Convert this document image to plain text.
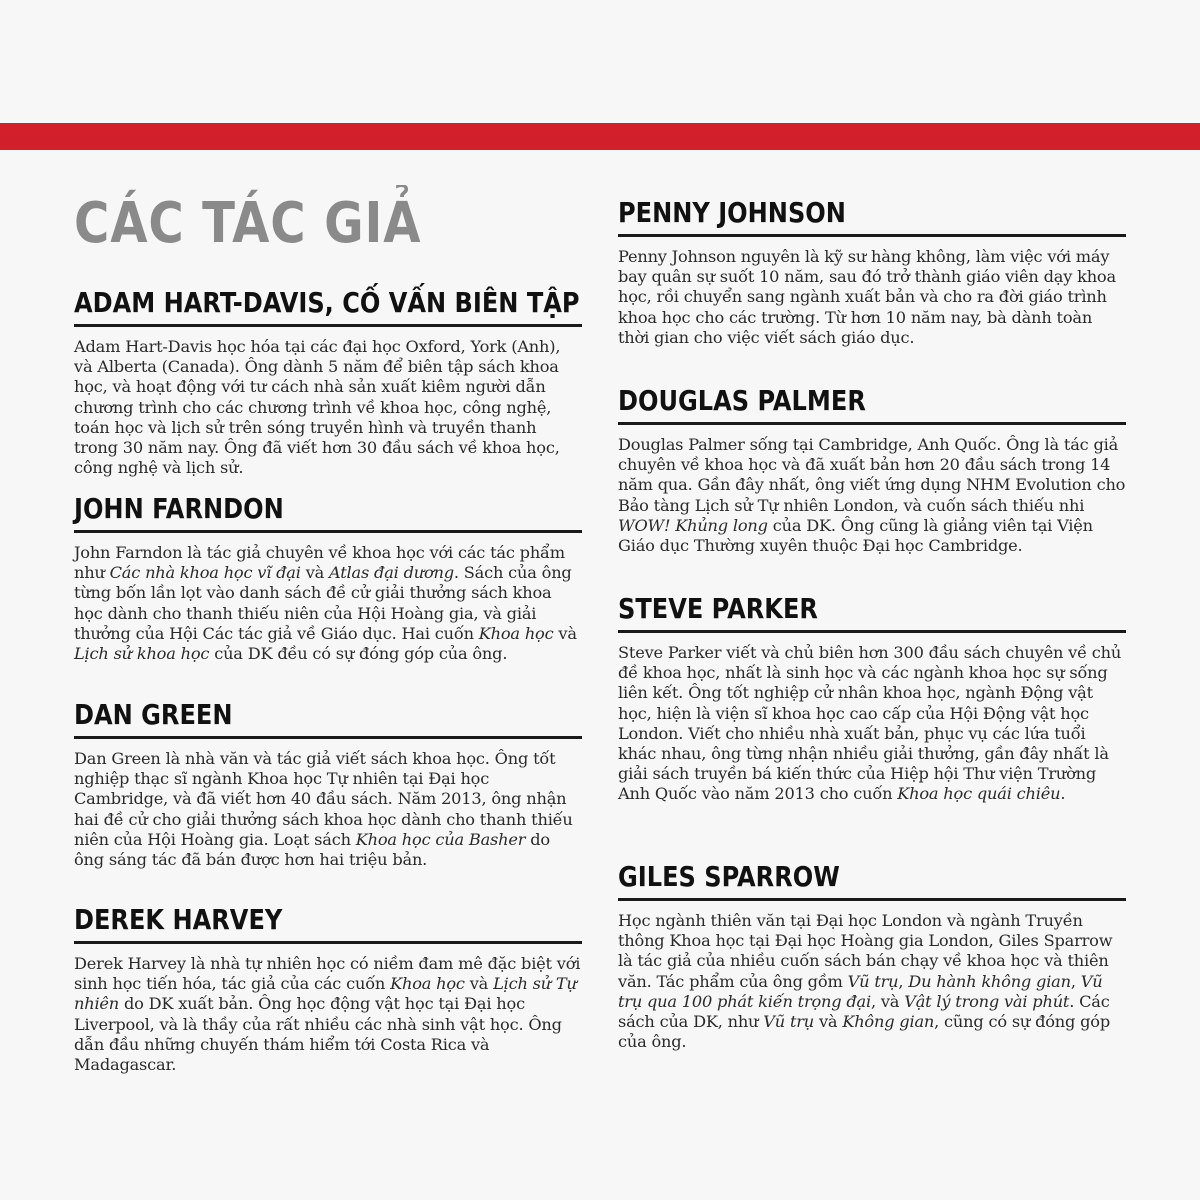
CÁC TÁC GIẢ
ADAM HART-DAVIS, CỐ VẤN BIÊN TẬP

Adam Hart-Davis học hóa tại các đại học Oxford, York (Anh), và Alberta (Canada). Ông dành 5 năm để biên tập sách khoa học, và hoạt động với tư cách nhà sản xuất kiêm người dẫn chương trình cho các chương trình về khoa học, công nghệ, toán học và lịch sử trên sóng truyền hình và truyền thanh trong 30 năm nay. Ông đã viết hơn 30 đầu sách về khoa học, công nghệ và lịch sử.

JOHN FARNDON

John Farndon là tác giả chuyên về khoa học với các tác phẩm như Các nhà khoa học vĩ đại và Atlas đại dương. Sách của ông từng bốn lần lọt vào danh sách đề cử giải thưởng sách khoa học dành cho thanh thiếu niên của Hội Hoàng gia, và giải thưởng của Hội Các tác giả về Giáo dục. Hai cuốn Khoa học và Lịch sử khoa học của DK đều có sự đóng góp của ông.

DAN GREEN

Dan Green là nhà văn và tác giả viết sách khoa học. Ông tốt nghiệp thạc sĩ ngành Khoa học Tự nhiên tại Đại học Cambridge, và đã viết hơn 40 đầu sách. Năm 2013, ông nhận hai đề cử cho giải thưởng sách khoa học dành cho thanh thiếu niên của Hội Hoàng gia. Loạt sách Khoa học của Basher do ông sáng tác đã bán được hơn hai triệu bản.

DEREK HARVEY

Derek Harvey là nhà tự nhiên học có niềm đam mê đặc biệt với sinh học tiến hóa, tác giả của các cuốn Khoa học và Lịch sử Tự nhiên do DK xuất bản. Ông học động vật học tại Đại học Liverpool, và là thầy của rất nhiều các nhà sinh vật học. Ông dẫn đầu những chuyến thám hiểm tới Costa Rica và Madagascar.

PENNY JOHNSON

Penny Johnson nguyên là kỹ sư hàng không, làm việc với máy bay quân sự suốt 10 năm, sau đó trở thành giáo viên dạy khoa học, rồi chuyển sang ngành xuất bản và cho ra đời giáo trình khoa học cho các trường. Từ hơn 10 năm nay, bà dành toàn thời gian cho việc viết sách giáo dục.

DOUGLAS PALMER

Douglas Palmer sống tại Cambridge, Anh Quốc. Ông là tác giả chuyên về khoa học và đã xuất bản hơn 20 đầu sách trong 14 năm qua. Gần đây nhất, ông viết ứng dụng NHM Evolution cho Bảo tàng Lịch sử Tự nhiên London, và cuốn sách thiếu nhi WOW! Khủng long của DK. Ông cũng là giảng viên tại Viện Giáo dục Thường xuyên thuộc Đại học Cambridge.

STEVE PARKER

Steve Parker viết và chủ biên hơn 300 đầu sách chuyên về chủ đề khoa học, nhất là sinh học và các ngành khoa học sự sống liên kết. Ông tốt nghiệp cử nhân khoa học, ngành Động vật học, hiện là viện sĩ khoa học cao cấp của Hội Động vật học London. Viết cho nhiều nhà xuất bản, phục vụ các lứa tuổi khác nhau, ông từng nhận nhiều giải thưởng, gần đây nhất là giải sách truyền bá kiến thức của Hiệp hội Thư viện Trường Anh Quốc vào năm 2013 cho cuốn Khoa học quái chiêu.

GILES SPARROW

Học ngành thiên văn tại Đại học London và ngành Truyền thông Khoa học tại Đại học Hoàng gia London, Giles Sparrow là tác giả của nhiều cuốn sách bán chạy về khoa học và thiên văn. Tác phẩm của ông gồm Vũ trụ, Du hành không gian, Vũ trụ qua 100 phát kiến trọng đại, và Vật lý trong vài phút. Các sách của DK, như Vũ trụ và Không gian, cũng có sự đóng góp của ông.
